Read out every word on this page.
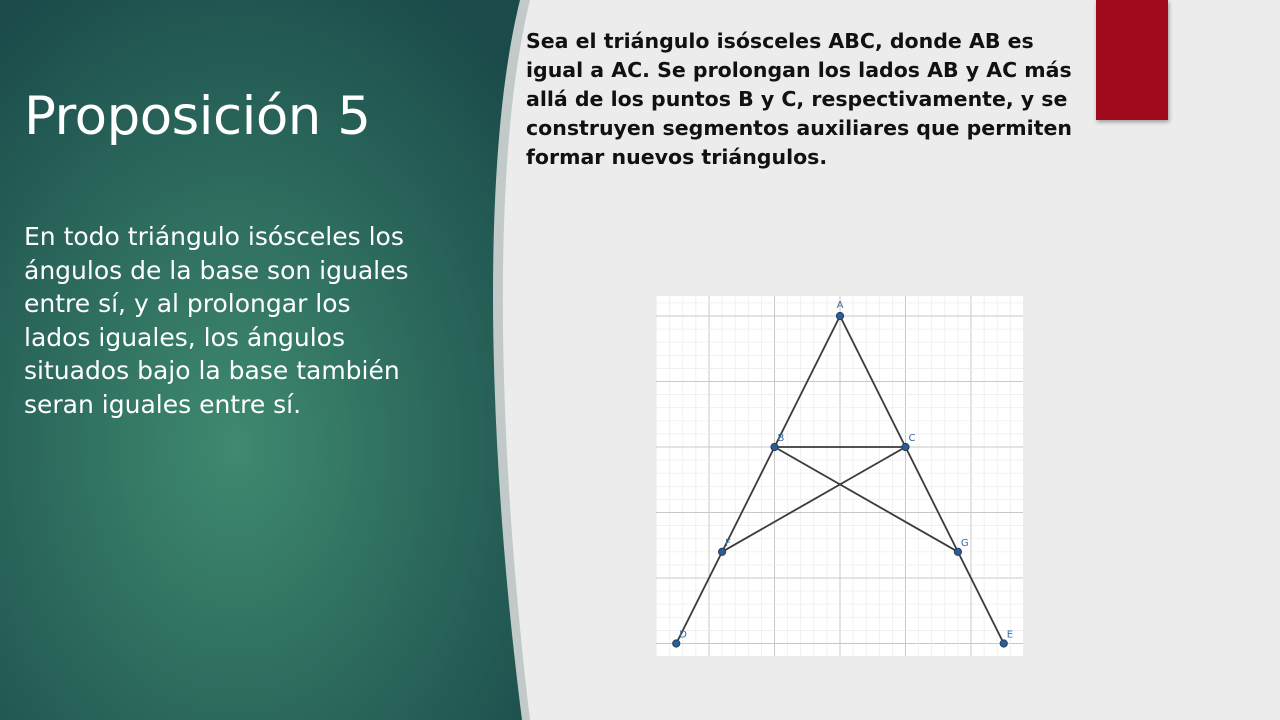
Proposición 5

En todo triángulo isósceles los ángulos de la base son iguales entre sí, y al prolongar los lados iguales, los ángulos situados bajo la base también seran iguales entre sí.

Sea el triángulo isósceles ABC, donde AB es igual a AC. Se prolongan los lados AB y AC más allá de los puntos B y C, respectivamente, y se construyen segmentos auxiliares que permiten formar nuevos triángulos.

A
B	C
F	G
D	E
